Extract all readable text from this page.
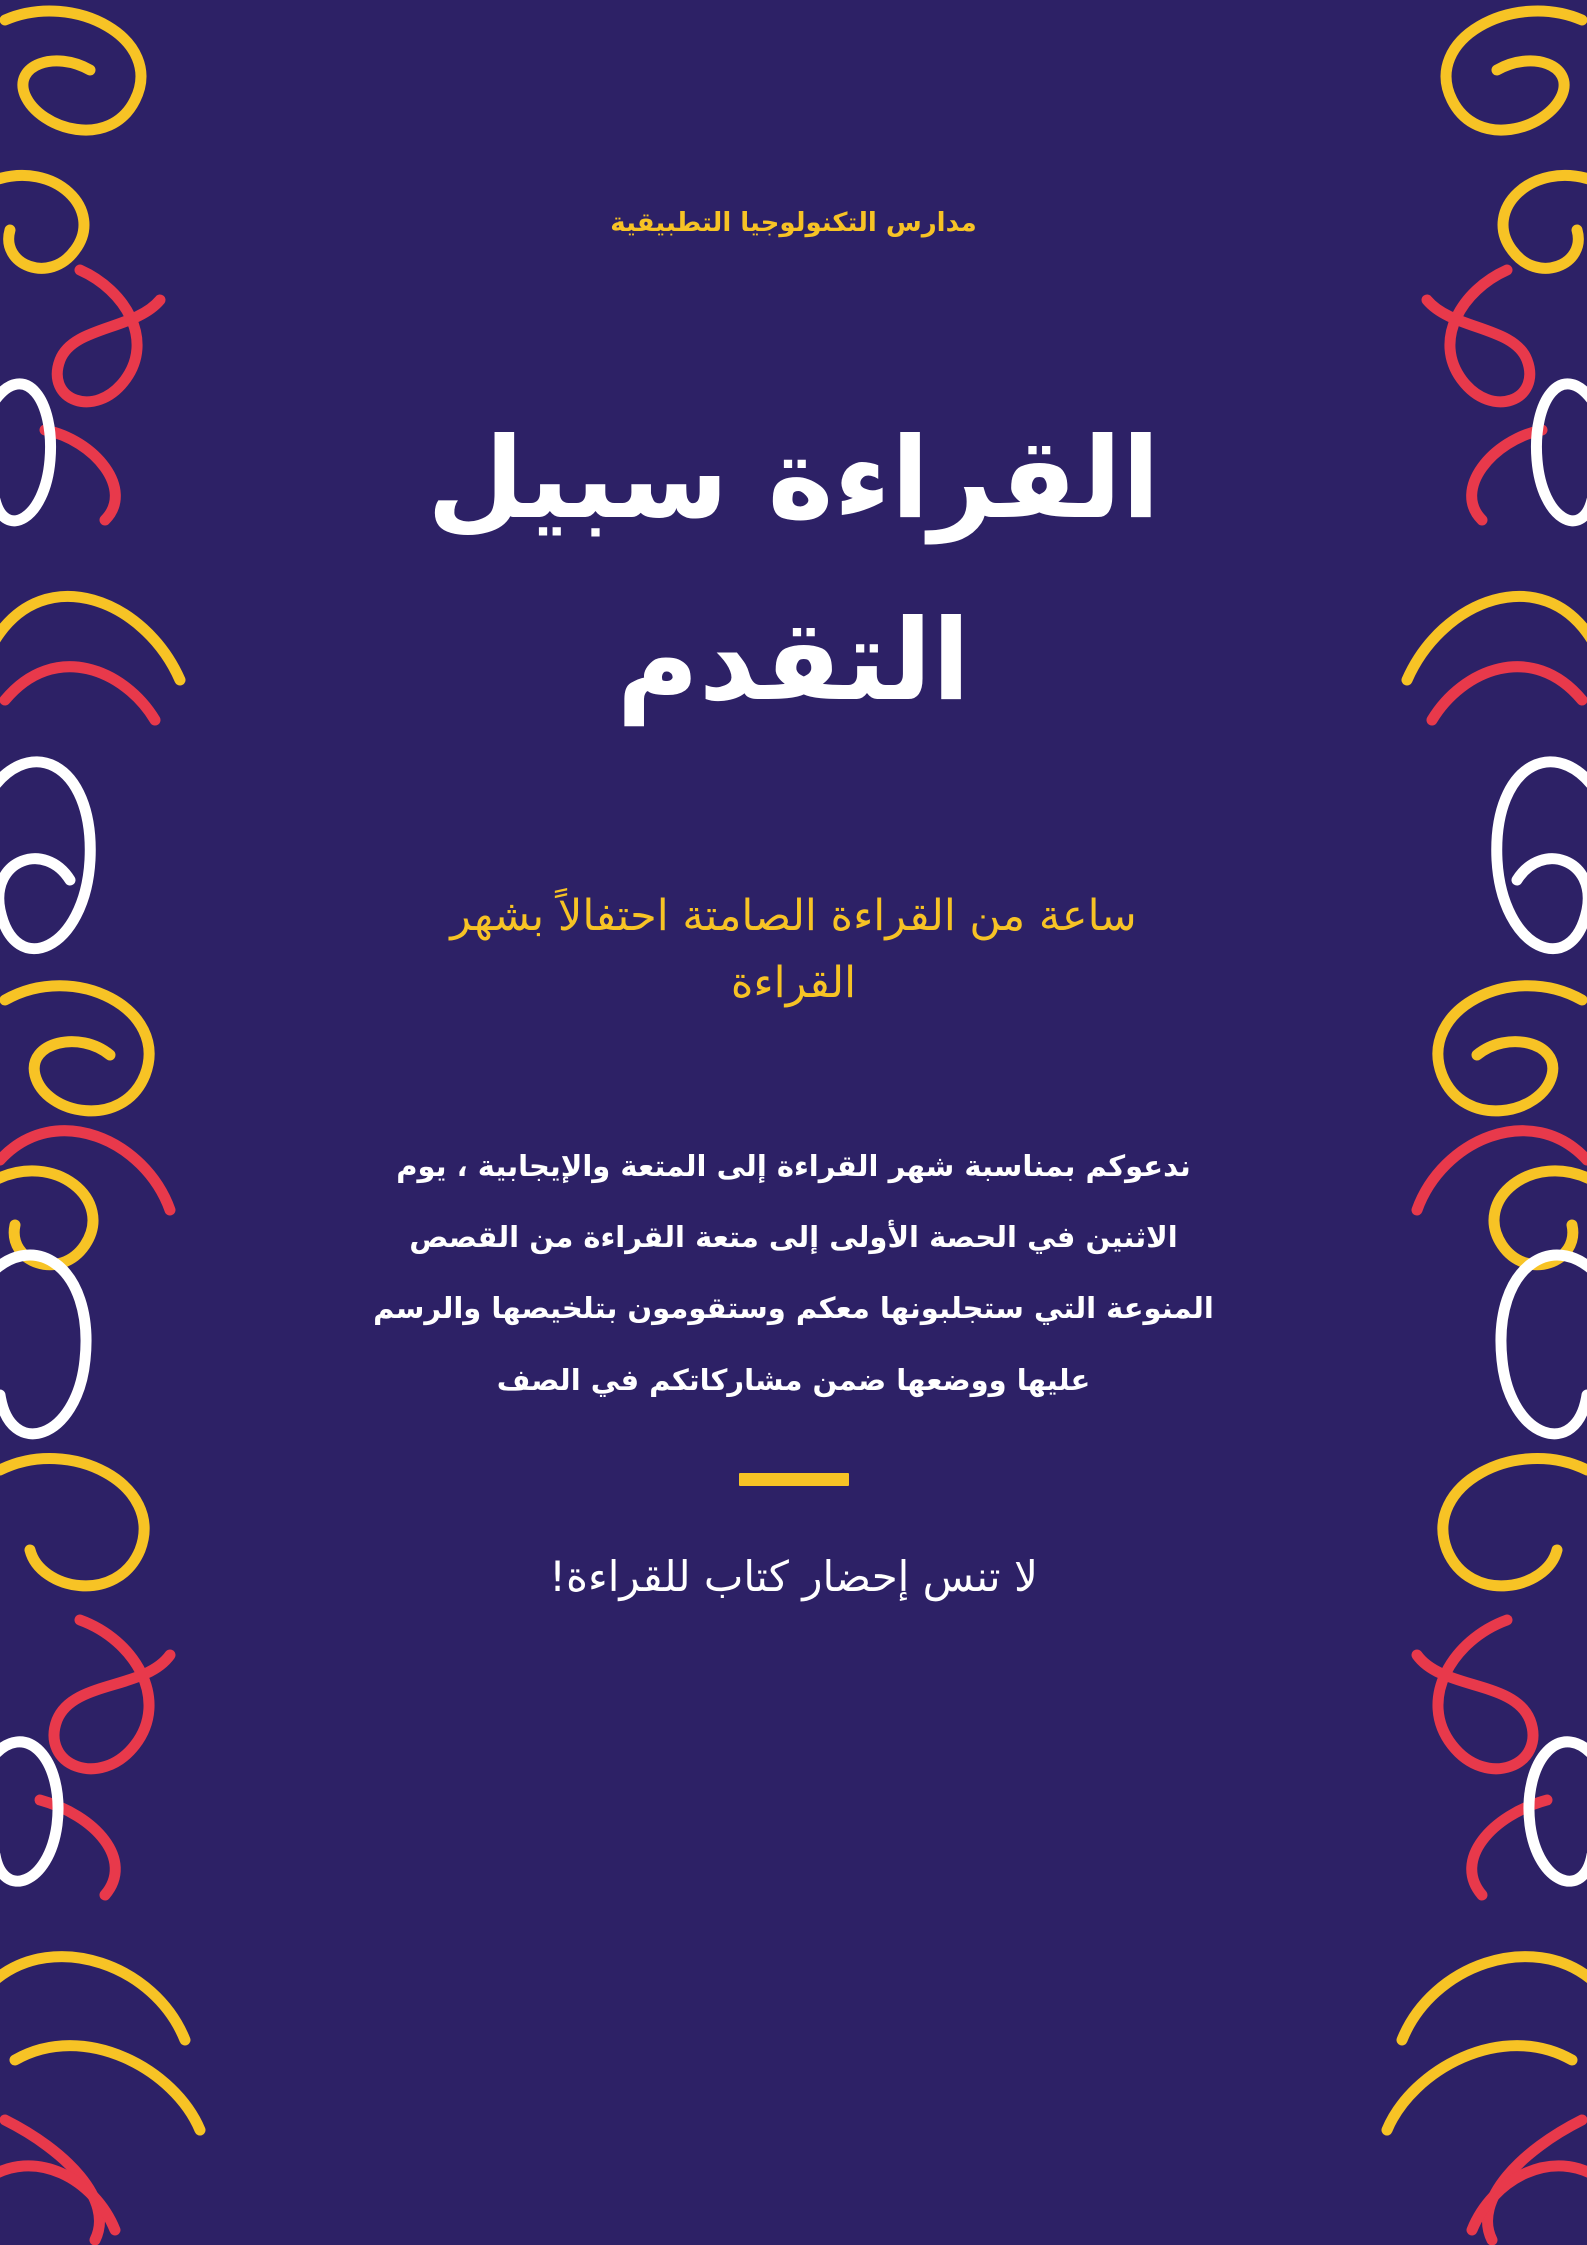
مدارس التكنولوجيا التطبيقية
القراءة سبيل التقدم
ساعة من القراءة الصامتة احتفالاً بشهر القراءة

ندعوكم بمناسبة شهر القراءة إلى المتعة والإيجابية ، يوم الاثنين في الحصة الأولى إلى متعة القراءة من القصص المنوعة التي ستجلبونها معكم وستقومون بتلخيصها والرسم عليها ووضعها ضمن مشاركاتكم في الصف

لا تنس إحضار كتاب للقراءة!
